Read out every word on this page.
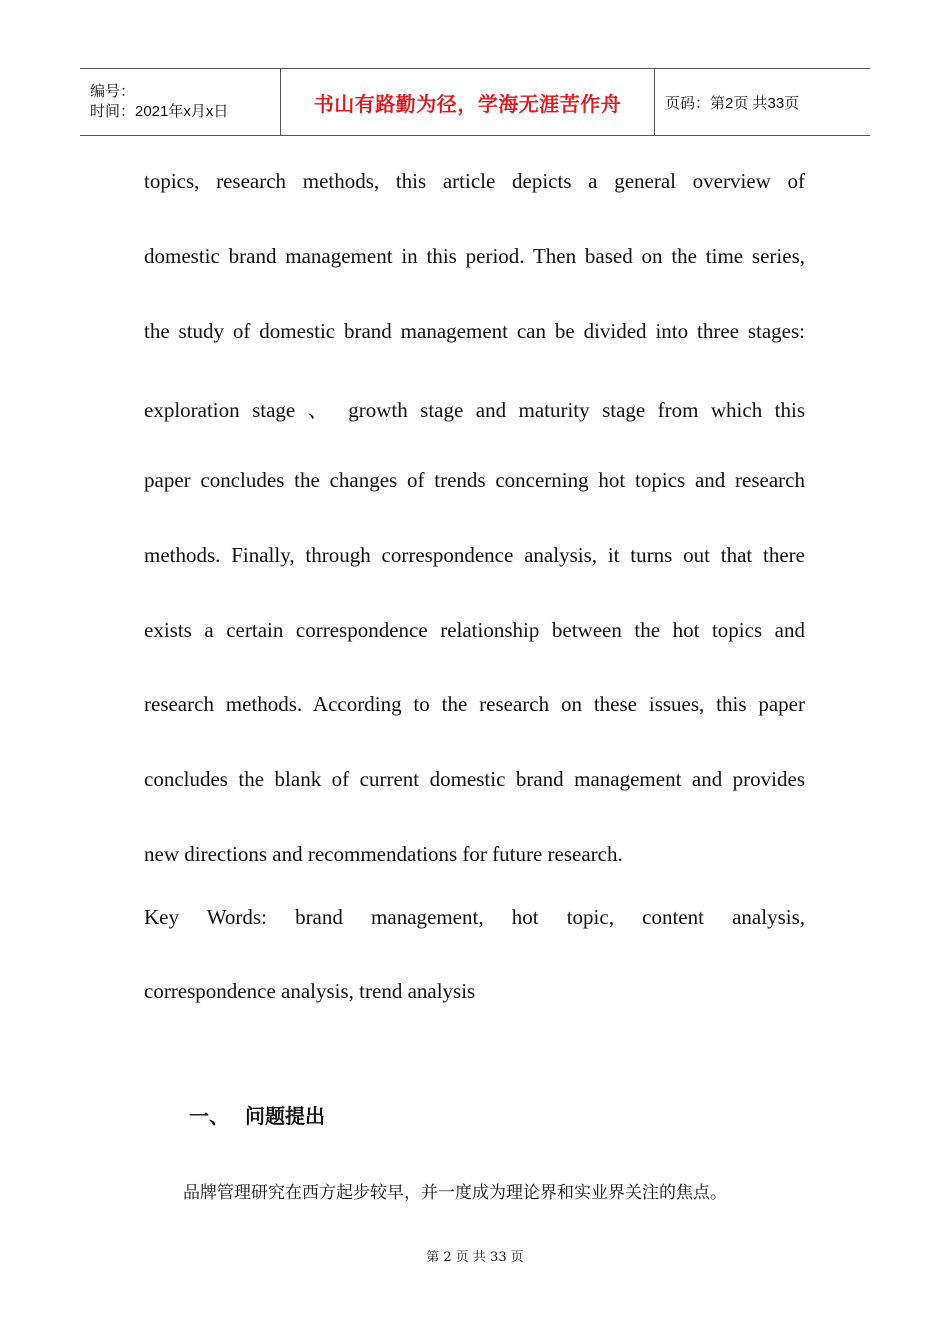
编号：
时间：2021年x月x日	书山有路勤为径，学海无涯苦作舟	页码：第2页 共33页
topics, research methods, this article depicts a general overview of
domestic brand management in this period. Then based on the time series,
the study of domestic brand management can be divided into three stages:
exploration stage 、 growth stage and maturity stage from which this
paper concludes the changes of trends concerning hot topics and research
methods. Finally, through correspondence analysis, it turns out that there
exists a certain correspondence relationship between the hot topics and
research methods. According to the research on these issues, this paper
concludes the blank of current domestic brand management and provides
new directions and recommendations for future research.
Key Words: brand management, hot topic, content analysis,
correspondence analysis, trend analysis
一、 问题提出
品牌管理研究在西方起步较早，并一度成为理论界和实业界关注的焦点。
第 2 页 共 33 页
